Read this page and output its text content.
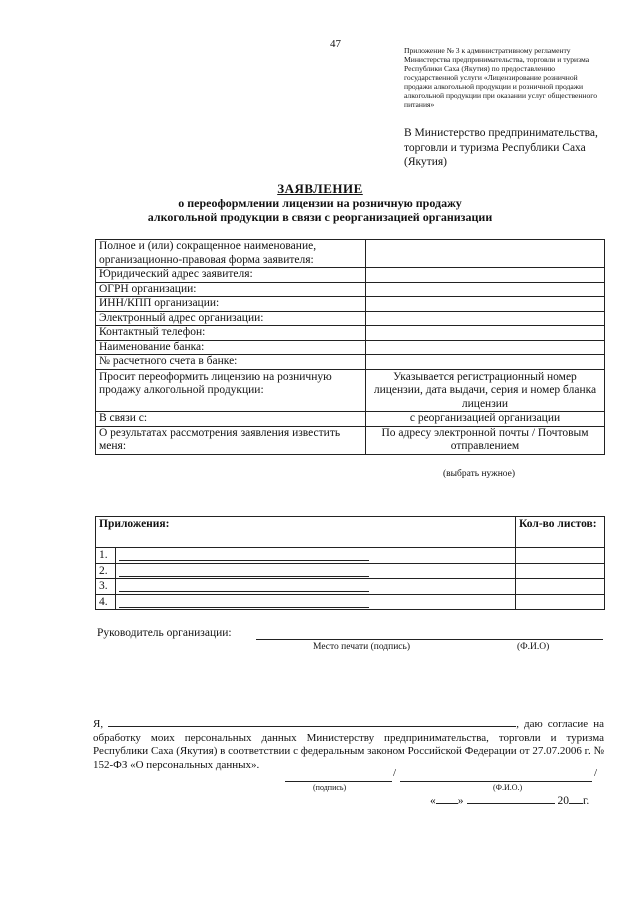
47
Приложение № 3 к административному регламенту Министерства предпринимательства, торговли и туризма Республики Саха (Якутия) по предоставлению государственной услуги «Лицензирование розничной продажи алкогольной продукции и розничной продажи алкогольной продукции при оказании услуг общественного питания»
В Министерство предпринимательства, торговли и туризма Республики Саха (Якутия)
ЗАЯВЛЕНИЕ
о переоформлении лицензии на розничную продажу
алкогольной продукции в связи с реорганизацией организации
Полное и (или) сокращенное наименование, организационно-правовая форма заявителя:	
Юридический адрес заявителя:	
ОГРН организации:	
ИНН/КПП организации:	
Электронный адрес организации:	
Контактный телефон:	
Наименование банка:	
№ расчетного счета в банке:	
Просит переоформить лицензию на розничную продажу алкогольной продукции:	Указывается регистрационный номер лицензии, дата выдачи, серия и номер бланка лицензии
В связи с:	с реорганизацией организации
О результатах рассмотрения заявления известить меня:	По адресу электронной почты / Почтовым отправлением
(выбрать нужное)
Приложения:		Кол-во листов:
1.	

2.	

3.	

4.	

Руководитель организации:
Место печати (подпись)	(Ф.И.О)
Я,	, даю согласие на обработку моих персональных данных Министерству предпринимательства, торговли и туризма Республики Саха (Якутия) в соответствии с федеральным законом Российской Федерации от 27.07.2006 г. № 152-ФЗ «О персональных данных».
/	/
(подпись)	(Ф.И.О.)
« »	20 г.
